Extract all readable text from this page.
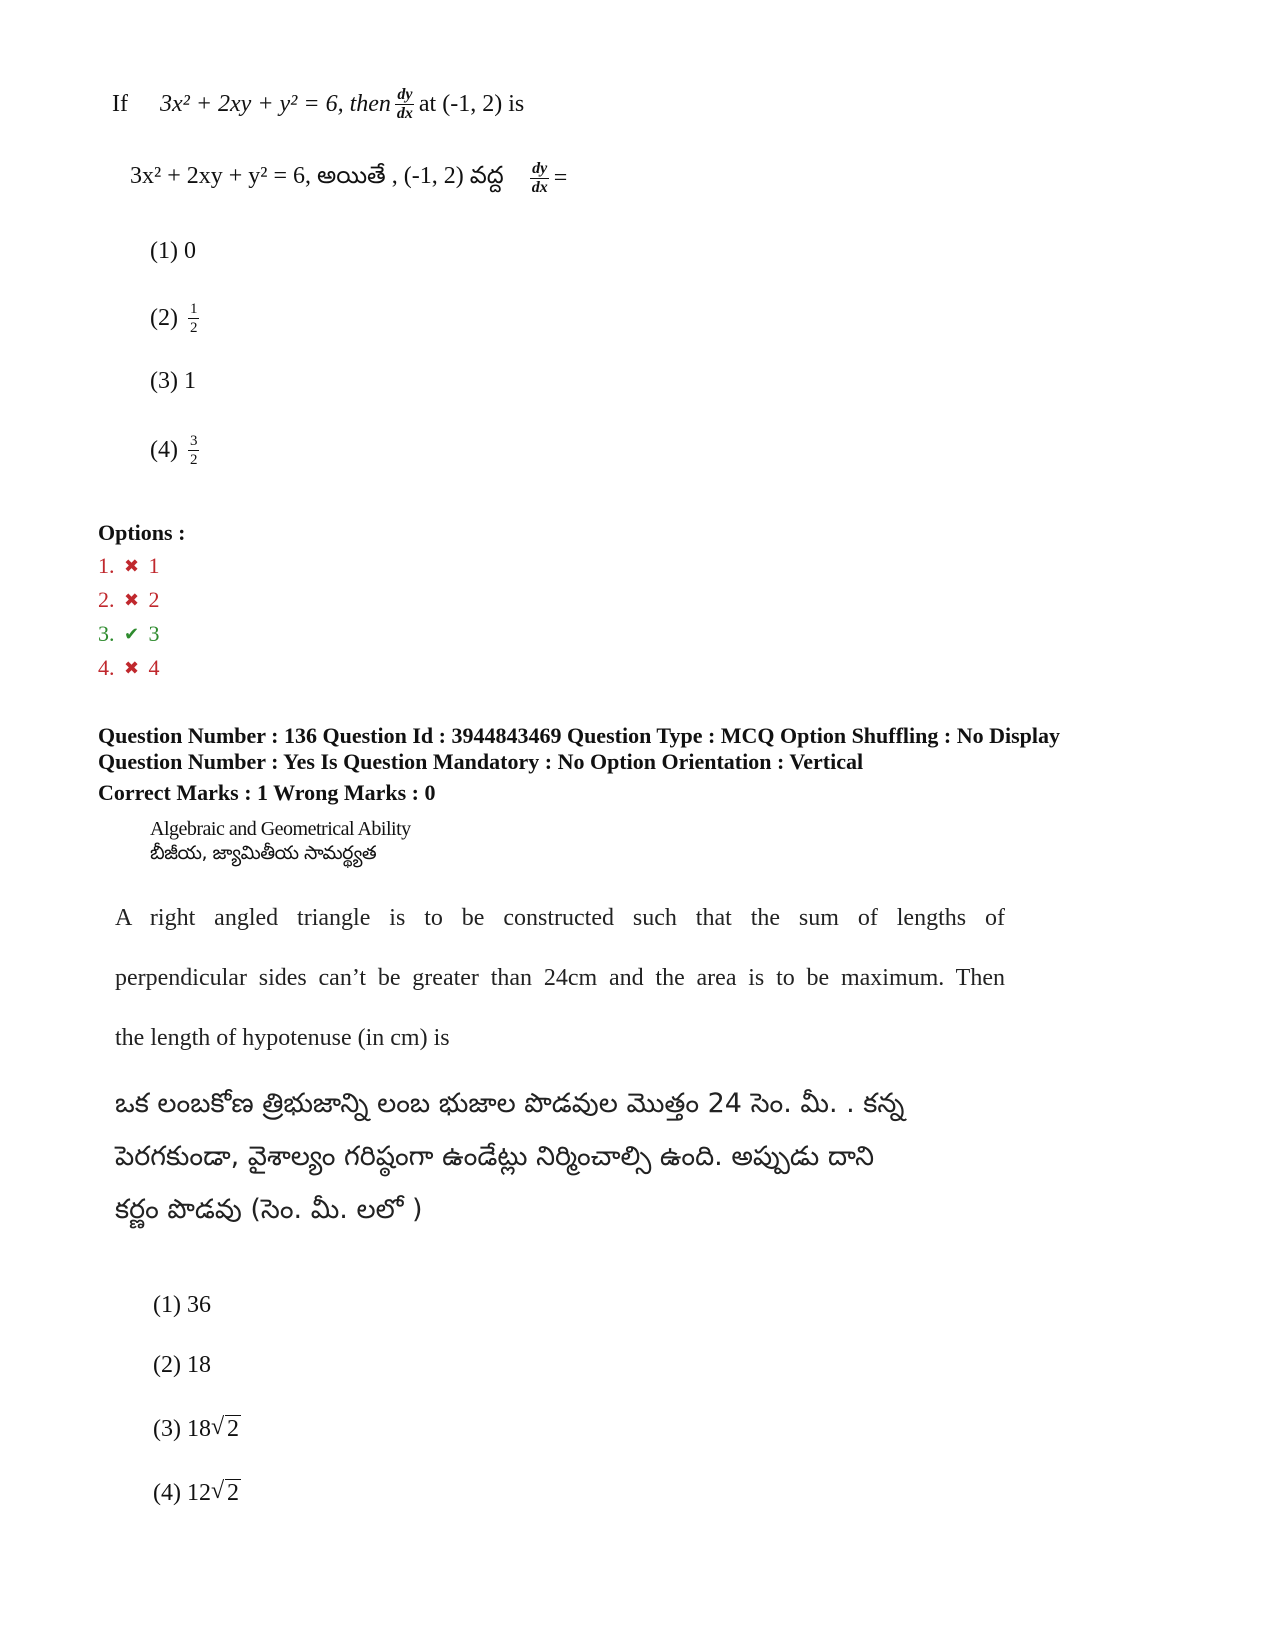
If 3x² + 2xy + y² = 6, then $\frac{dy}{dx}$ at (-1, 2) is
3x² + 2xy + y² = 6, అయితే , (-1, 2) వద్ద $\frac{dy}{dx}$ =
(1)
0
(2)
$\frac{1}{2}$
(3)
1
(4)
$\frac{3}{2}$
Options :
1. ✖ 1
2. ✖ 2
3. ✔ 3
4. ✖ 4
Question Number : 136 Question Id : 3944843469 Question Type : MCQ Option Shuffling : No Display
Question Number : Yes Is Question Mandatory : No Option Orientation : Vertical
Correct Marks : 1 Wrong Marks : 0
Algebraic and Geometrical Ability
బీజీయ, జ్యామితీయ సామర్థ్యత
A right angled triangle is to be constructed such that the sum of lengths of
perpendicular sides can’t be greater than 24cm and the area is to be maximum. Then
the length of hypotenuse (in cm) is
ఒక లంబకోణ త్రిభుజాన్ని లంబ భుజాల పొడవుల మొత్తం 24 సెం. మీ. . కన్న
పెరగకుండా, వైశాల్యం గరిష్ఠంగా ఉండేట్లు నిర్మించాల్సి ఉంది. అప్పుడు దాని
కర్ణం పొడవు (సెం. మీ. లలో )
(1)
36
(2)
18
(3)
18 √ 2
(4)
12 √ 2
